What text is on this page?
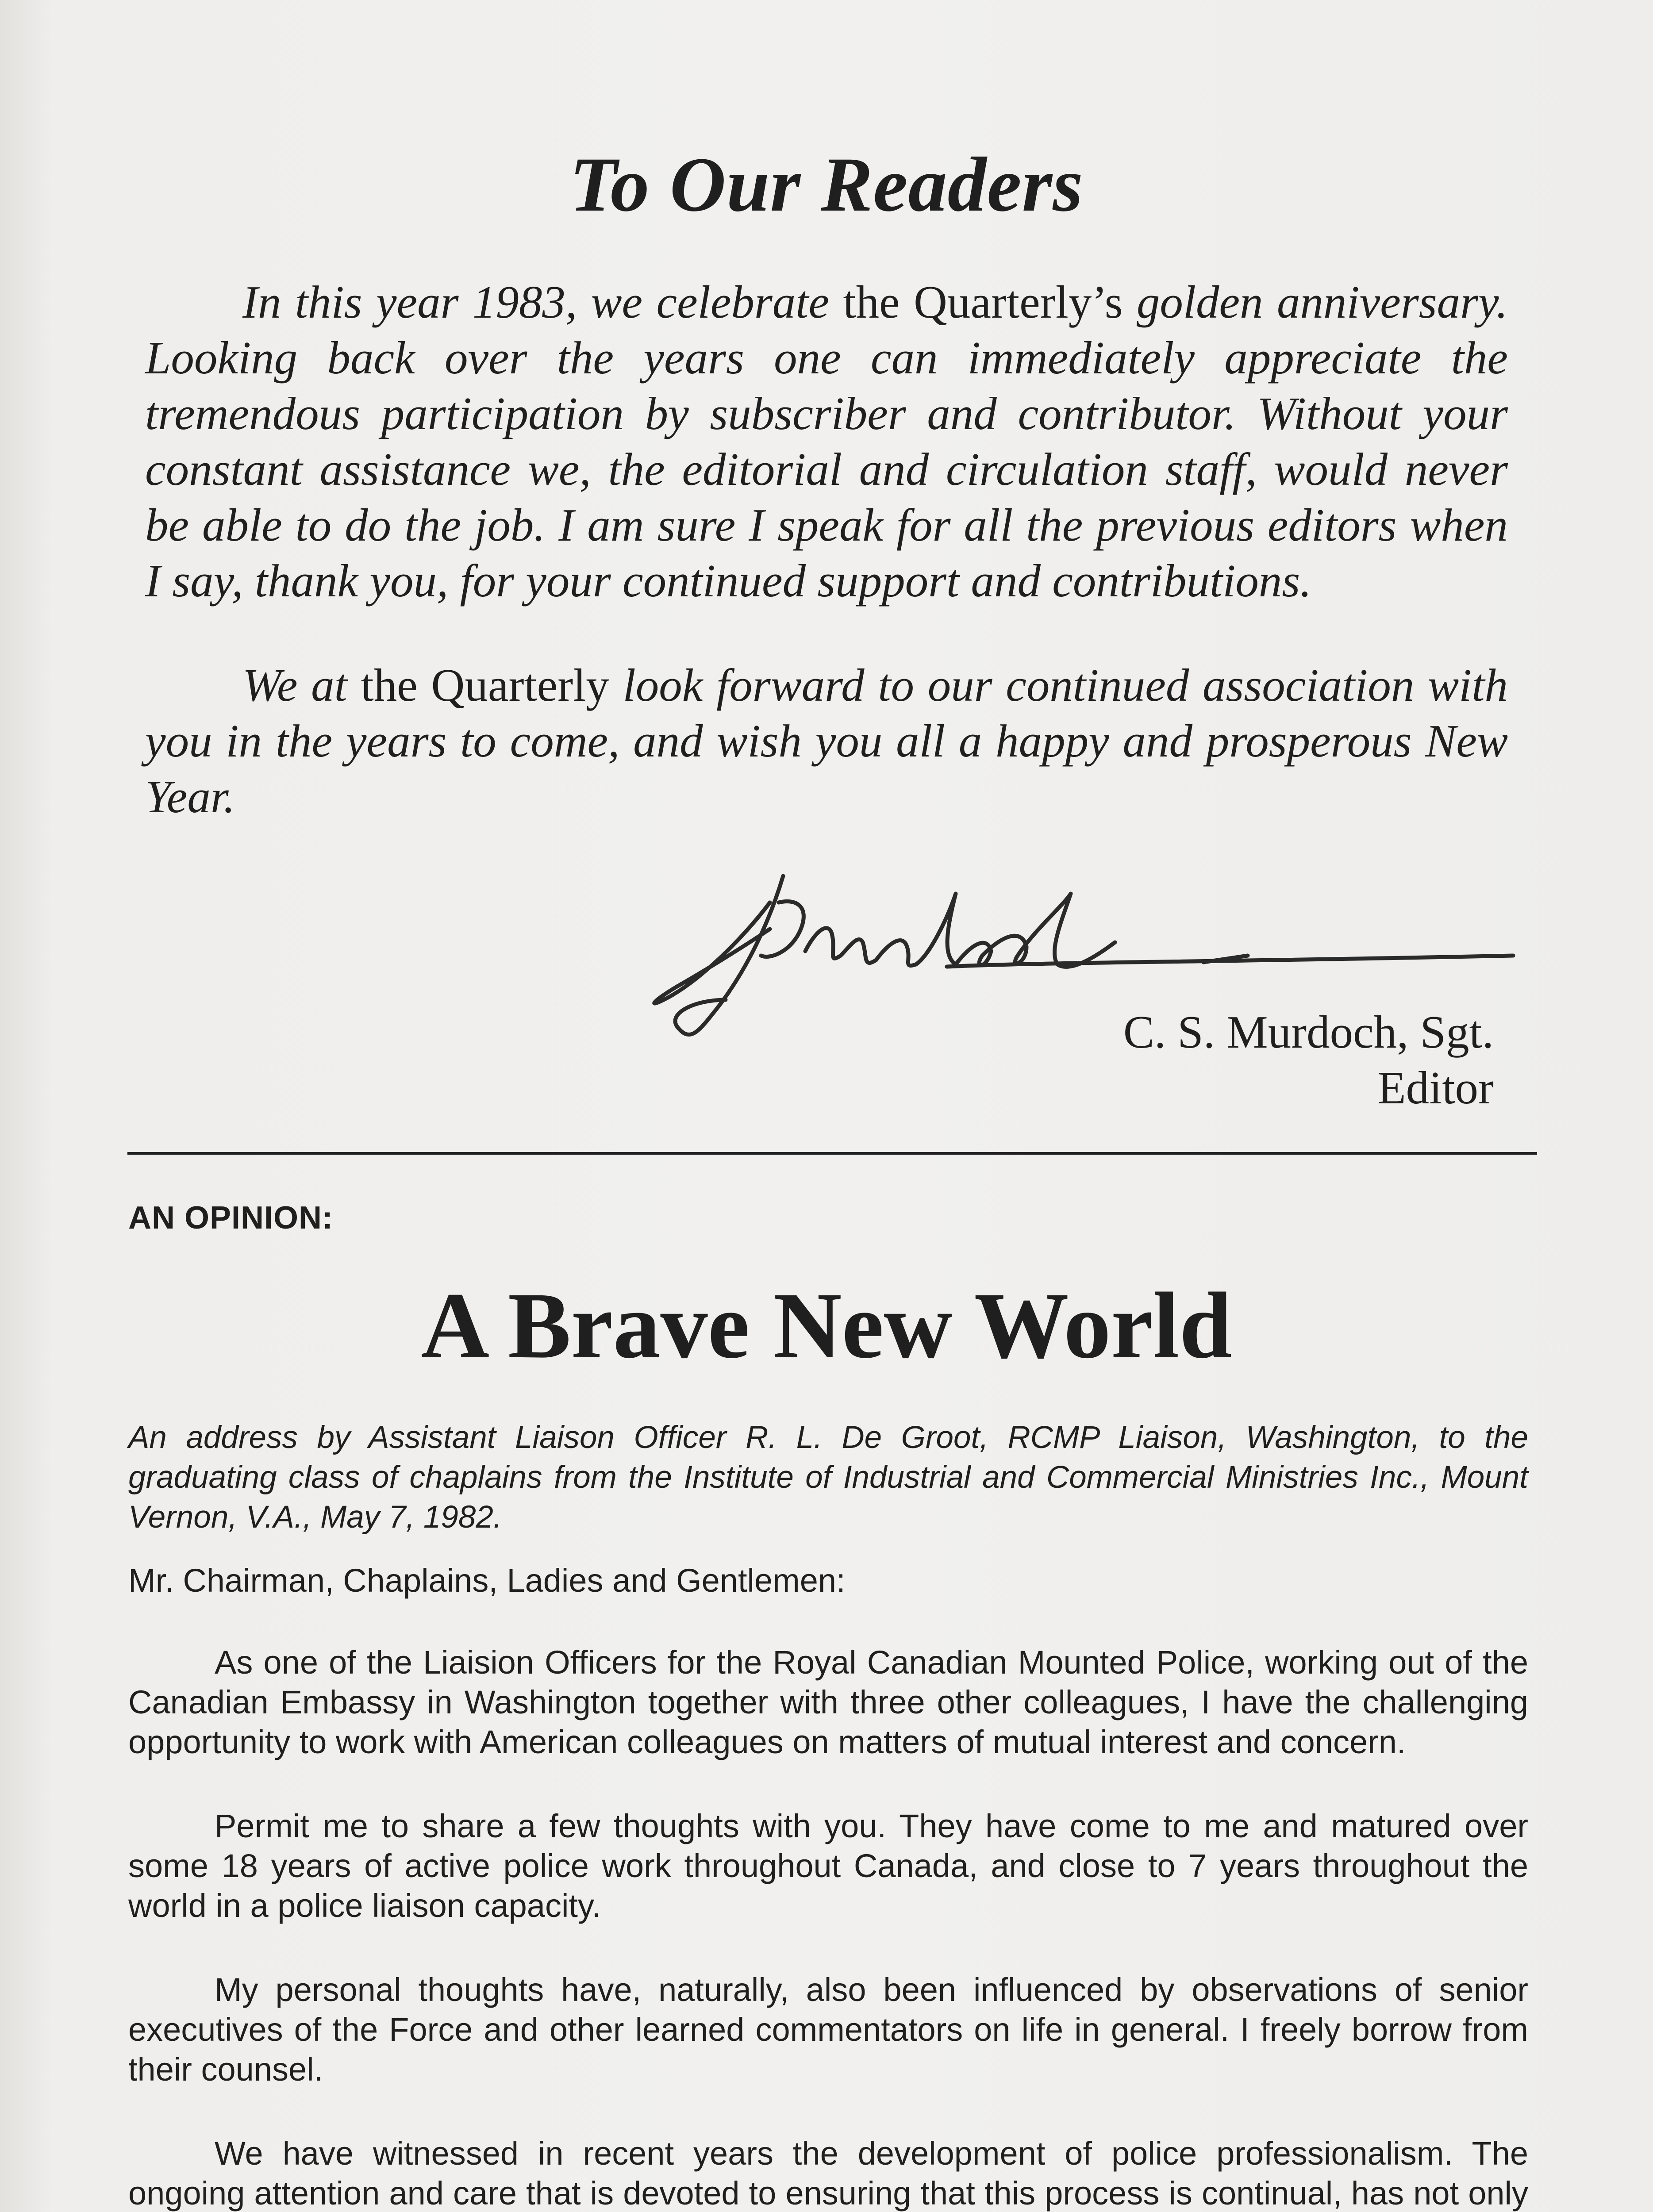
To Our Readers

In this year 1983, we celebrate the Quarterly’s golden anniversary. Looking back over the years one can immediately appreciate the tremendous participation by subscriber and contributor. Without your constant assistance we, the editorial and circulation staff, would never be able to do the job. I am sure I speak for all the previous editors when I say, thank you, for your continued support and contributions.

We at the Quarterly look forward to our continued association with you in the years to come, and wish you all a happy and prosperous New Year.

C. S. Murdoch, Sgt.
Editor
AN OPINION:
A Brave New World
An address by Assistant Liaison Officer R. L. De Groot, RCMP Liaison, Washington, to the graduating class of chaplains from the Institute of Industrial and Commercial Ministries Inc., Mount Vernon, V.A., May 7, 1982.

Mr. Chairman, Chaplains, Ladies and Gentlemen:

As one of the Liaision Officers for the Royal Canadian Mounted Police, working out of the Canadian Embassy in Washington together with three other colleagues, I have the challenging opportunity to work with American colleagues on matters of mutual interest and concern.

Permit me to share a few thoughts with you. They have come to me and matured over some 18 years of active police work throughout Canada, and close to 7 years throughout the world in a police liaison capacity.

My personal thoughts have, naturally, also been influenced by observations of senior executives of the Force and other learned commentators on life in general. I freely borrow from their counsel.

We have witnessed in recent years the development of police professionalism. The ongoing attention and care that is devoted to ensuring that this process is continual, has not only
